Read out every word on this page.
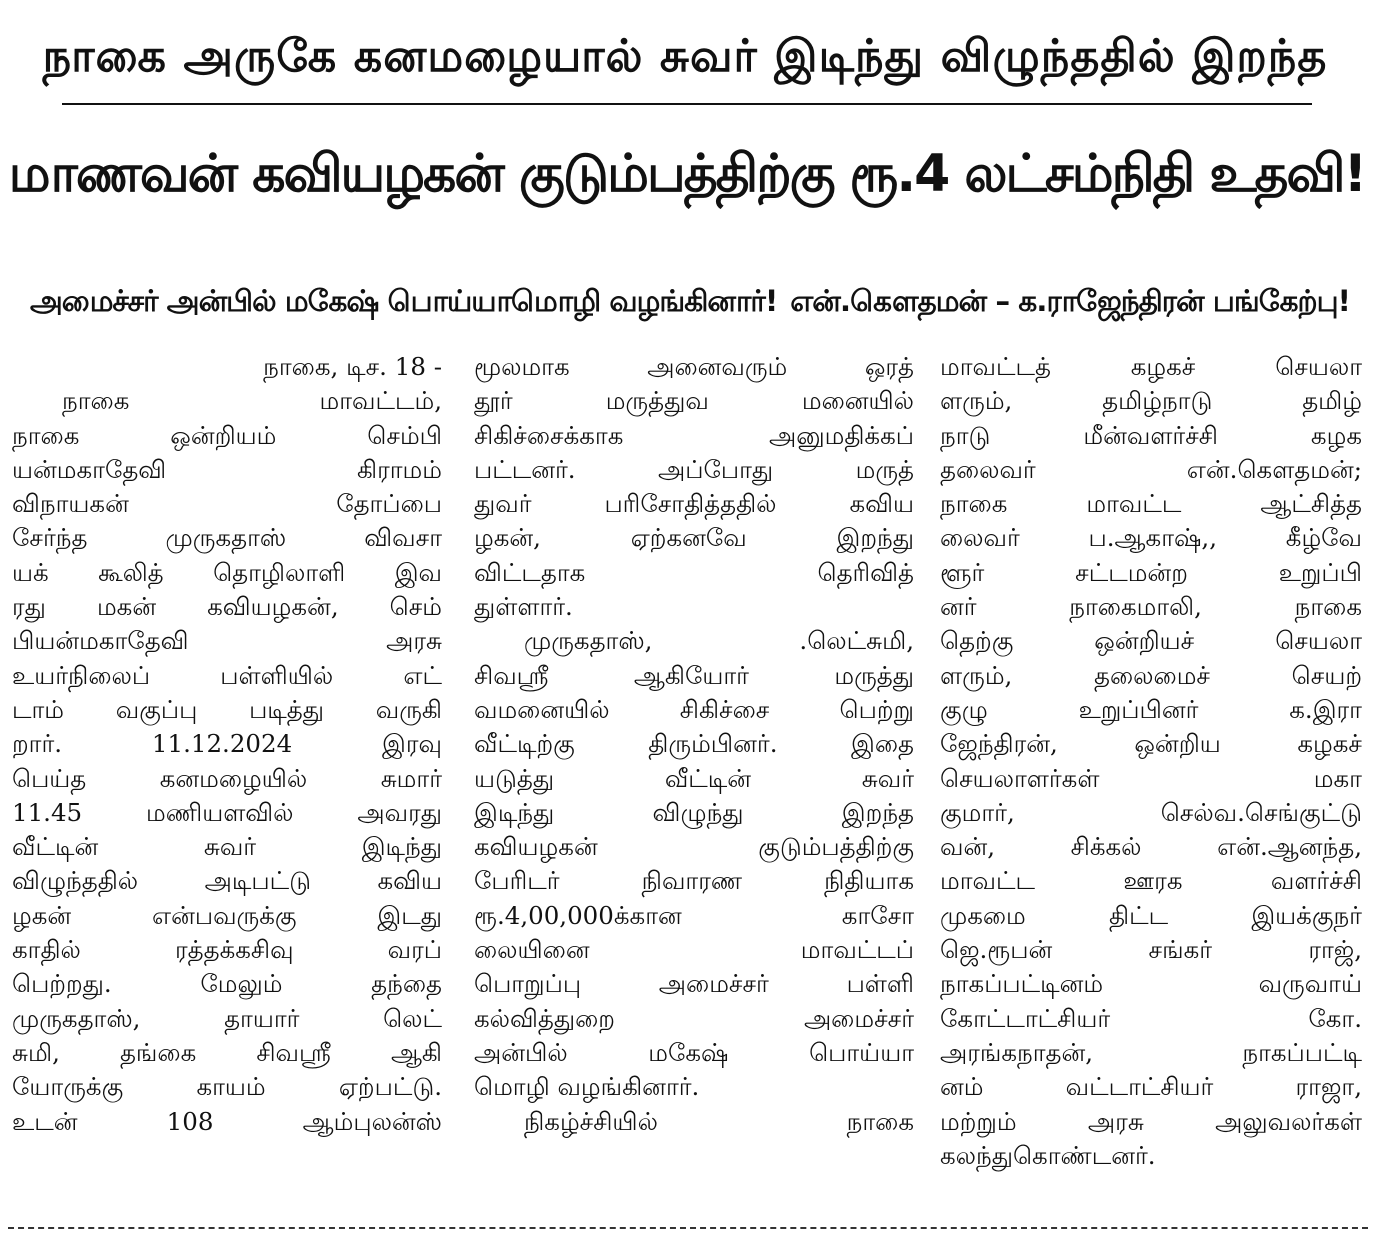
நாகை அருகே கனமழையால் சுவர் இடிந்து விழுந்ததில் இறந்த
மாணவன் கவியழகன் குடும்பத்திற்கு ரூ.4 லட்சம்நிதி உதவி!
அமைச்சர் அன்பில் மகேஷ் பொய்யாமொழி வழங்கினார்! என்.கௌதமன் – க.ராஜேந்திரன் பங்கேற்பு!
நாகை, டிச. 18 -
நாகை மாவட்டம்,
நாகை ஒன்றியம் செம்பி
யன்மகாதேவி கிராமம்
விநாயகன் தோப்பை
சேர்ந்த முருகதாஸ் விவசா
யக் கூலித் தொழிலாளி இவ
ரது மகன் கவியழகன், செம்
பியன்மகாதேவி அரசு
உயர்நிலைப் பள்ளியில் எட்
டாம் வகுப்பு படித்து வருகி
றார். 11.12.2024 இரவு
பெய்த கனமழையில் சுமார்
11.45 மணியளவில் அவரது
வீட்டின் சுவர் இடிந்து
விழுந்ததில் அடிபட்டு கவிய
ழகன் என்பவருக்கு இடது
காதில் ரத்தக்கசிவு வரப்
பெற்றது. மேலும் தந்தை
முருகதாஸ், தாயார் லெட்
சுமி, தங்கை சிவஸ்ரீ ஆகி
யோருக்கு காயம் ஏற்பட்டு.
உடன் 108 ஆம்புலன்ஸ்
மூலமாக அனைவரும் ஒரத்
தூர் மருத்துவ மனையில்
சிகிச்சைக்காக அனுமதிக்கப்
பட்டனர். அப்போது மருத்
துவர் பரிசோதித்ததில் கவிய
ழகன், ஏற்கனவே இறந்து
விட்டதாக தெரிவித்
துள்ளார்.
முருகதாஸ், .லெட்சுமி,
சிவஸ்ரீ ஆகியோர் மருத்து
வமனையில் சிகிச்சை பெற்று
வீட்டிற்கு திரும்பினர். இதை
யடுத்து வீட்டின் சுவர்
இடிந்து விழுந்து இறந்த
கவியழகன் குடும்பத்திற்கு
பேரிடர் நிவாரண நிதியாக
ரூ.4,00,000க்கான காசோ
லையினை மாவட்டப்
பொறுப்பு அமைச்சர் பள்ளி
கல்வித்துறை அமைச்சர்
அன்பில் மகேஷ் பொய்யா
மொழி வழங்கினார்.
நிகழ்ச்சியில் நாகை
மாவட்டத் கழகச் செயலா
ளரும், தமிழ்நாடு தமிழ்
நாடு மீன்வளர்ச்சி கழக
தலைவர் என்.கௌதமன்;
நாகை மாவட்ட ஆட்சித்த
லைவர் ப.ஆகாஷ்,, கீழ்வே
ளூர் சட்டமன்ற உறுப்பி
னர் நாகைமாலி, நாகை
தெற்கு ஒன்றியச் செயலா
ளரும், தலைமைச் செயற்
குழு உறுப்பினர் க.இரா
ஜேந்திரன், ஒன்றிய கழகச்
செயலாளர்கள் மகா
குமார், செல்வ.செங்குட்டு
வன், சிக்கல் என்.ஆனந்த,
மாவட்ட ஊரக வளர்ச்சி
முகமை திட்ட இயக்குநர்
ஜெ.ரூபன் சங்கர் ராஜ்,
நாகப்பட்டினம் வருவாய்
கோட்டாட்சியர் கோ.
அரங்கநாதன், நாகப்பட்டி
னம் வட்டாட்சியர் ராஜா,
மற்றும் அரசு அலுவலர்கள்
கலந்துகொண்டனர்.
